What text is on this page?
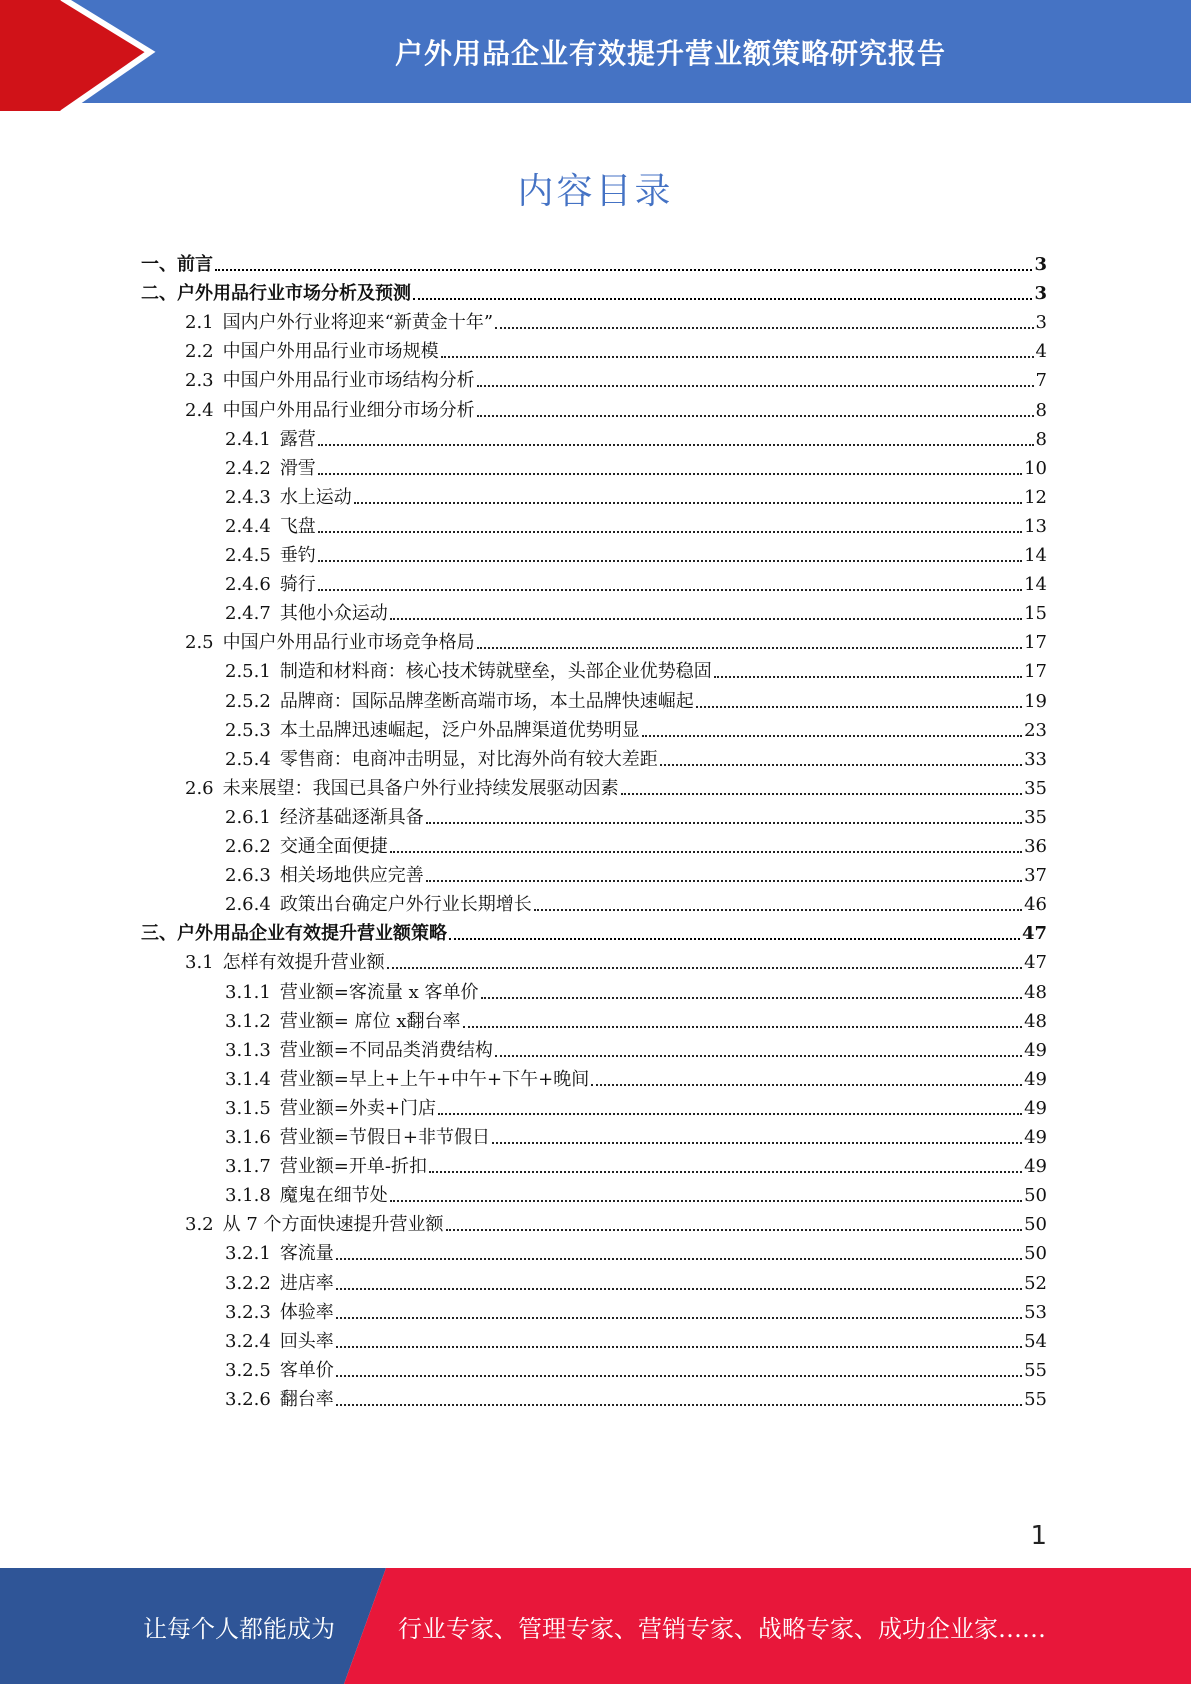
户外用品企业有效提升营业额策略研究报告
内容目录
一、 前言	3
二、 户外用品行业市场分析及预测	3
2.1 国内户外行业将迎来“新黄金十年”	3
2.2 中国户外用品行业市场规模	4
2.3 中国户外用品行业市场结构分析	7
2.4 中国户外用品行业细分市场分析	8
2.4.1 露营	8
2.4.2 滑雪	10
2.4.3 水上运动	12
2.4.4 飞盘	13
2.4.5 垂钓	14
2.4.6 骑行	14
2.4.7 其他小众运动	15
2.5 中国户外用品行业市场竞争格局	17
2.5.1 制造和材料商：核心技术铸就壁垒，头部企业优势稳固	17
2.5.2 品牌商：国际品牌垄断高端市场，本土品牌快速崛起	19
2.5.3 本土品牌迅速崛起，泛户外品牌渠道优势明显	23
2.5.4 零售商：电商冲击明显，对比海外尚有较大差距	33
2.6 未来展望：我国已具备户外行业持续发展驱动因素	35
2.6.1 经济基础逐渐具备	35
2.6.2 交通全面便捷	36
2.6.3 相关场地供应完善	37
2.6.4 政策出台确定户外行业长期增长	46
三、 户外用品企业有效提升营业额策略	47
3.1 怎样有效提升营业额	47
3.1.1 营业额=客流量 x 客单价	48
3.1.2 营业额= 席位 x翻台率	48
3.1.3 营业额=不同品类消费结构	49
3.1.4 营业额=早上+上午+中午+下午+晚间	49
3.1.5 营业额=外卖+门店	49
3.1.6 营业额=节假日+非节假日	49
3.1.7 营业额=开单-折扣	49
3.1.8 魔鬼在细节处	50
3.2 从 7 个方面快速提升营业额	50
3.2.1 客流量	50
3.2.2 进店率	52
3.2.3 体验率	53
3.2.4 回头率	54
3.2.5 客单价	55
3.2.6 翻台率	55
1
让每个人都能成为	行业专家、管理专家、营销专家、战略专家、成功企业家……
